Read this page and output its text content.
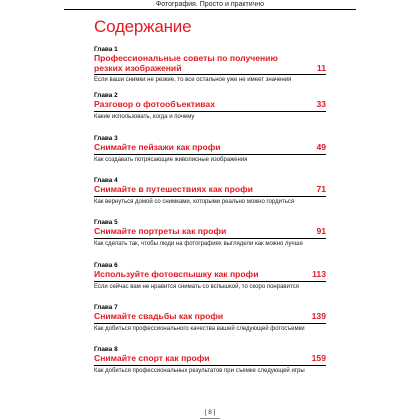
Фотография. Просто и практично
Содержание
Глава 1
Профессиональные советы по получению резких изображений	11
Если ваши снимки не резкие, то все остальное уже не имеет значения
Глава 2
Разговор о фотообъективах	33
Какие использовать, когда и почему
Глава 3
Снимайте пейзажи как профи	49
Как создавать потрясающие живописные изображения
Глава 4
Снимайте в путешествиях как профи	71
Как вернуться домой со снимками, которыми реально можно гордиться
Глава 5
Снимайте портреты как профи	91
Как сделать так, чтобы люди на фотографиях выглядели как можно лучше
Глава 6
Используйте фотовспышку как профи	113
Если сейчас вам не нравится снимать со вспышкой, то скоро понравится
Глава 7
Снимайте свадьбы как профи	139
Как добиться профессионального качества вашей следующей фотосъемки
Глава 8
Снимайте спорт как профи	159
Как добиться профессиональных результатов при съемке следующей игры
[ 8 ]
